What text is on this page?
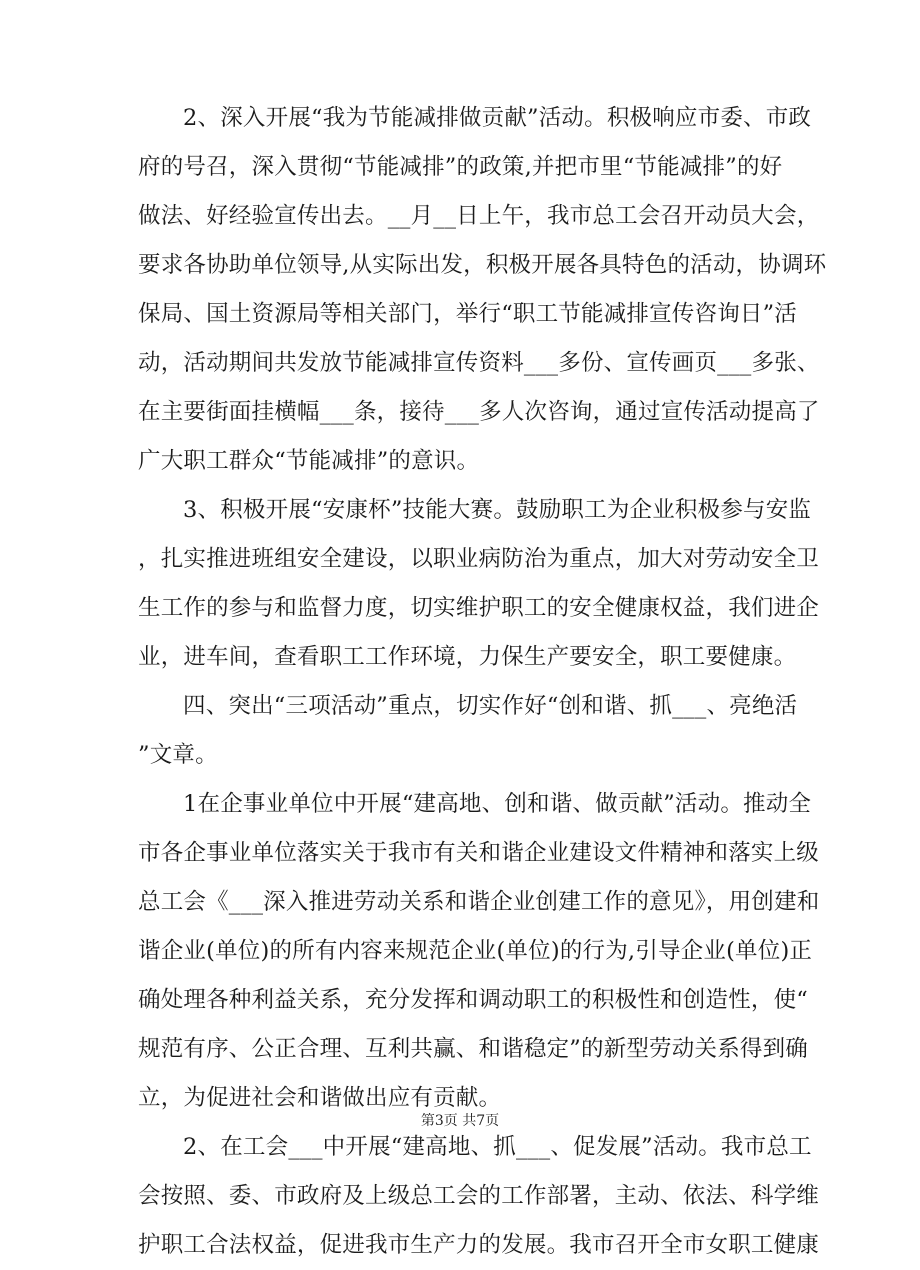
2、深入开展“我为节能减排做贡献”活动。积极响应市委、市政
府的号召，深入贯彻“节能减排”的政策,并把市里“节能减排”的好
做法、好经验宣传出去。__月__日上午，我市总工会召开动员大会，
要求各协助单位领导,从实际出发，积极开展各具特色的活动，协调环
保局、国土资源局等相关部门，举行“职工节能减排宣传咨询日”活
动，活动期间共发放节能减排宣传资料___多份、宣传画页___多张、
在主要街面挂横幅___条，接待___多人次咨询，通过宣传活动提高了
广大职工群众“节能减排”的意识。
3、积极开展“安康杯”技能大赛。鼓励职工为企业积极参与安监
，扎实推进班组安全建设，以职业病防治为重点，加大对劳动安全卫
生工作的参与和监督力度，切实维护职工的安全健康权益，我们进企
业，进车间，查看职工工作环境，力保生产要安全，职工要健康。
四、突出“三项活动”重点，切实作好“创和谐、抓___、亮绝活
”文章。
1在企事业单位中开展“建高地、创和谐、做贡献”活动。推动全
市各企事业单位落实关于我市有关和谐企业建设文件精神和落实上级
总工会《___深入推进劳动关系和谐企业创建工作的意见》，用创建和
谐企业(单位)的所有内容来规范企业(单位)的行为,引导企业(单位)正
确处理各种利益关系，充分发挥和调动职工的积极性和创造性，使“
规范有序、公正合理、互利共赢、和谐稳定”的新型劳动关系得到确
立，为促进社会和谐做出应有贡献。
2、在工会___中开展“建高地、抓___、促发展”活动。我市总工
会按照、委、市政府及上级总工会的工作部署，主动、依法、科学维
护职工合法权益，促进我市生产力的发展。我市召开全市女职工健康
第3页 共7页
